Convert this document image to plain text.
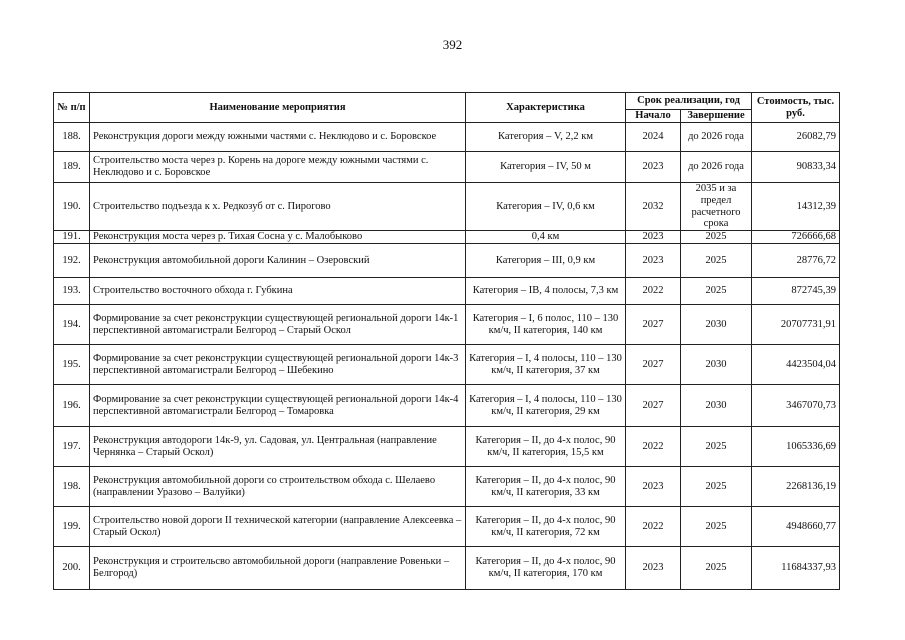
392
№ п/п	Наименование мероприятия	Характеристика	Срок реализации, год		Стоимость, тыс. руб.
			Начало	Завершение	
188.	Реконструкция дороги между южными частями с. Неклюдово и с. Боровское	Категория – V, 2,2 км	2024	до 2026 года	26082,79
189.	Строительство моста через р. Корень на дороге между южными частями с. Неклюдово и с. Боровское	Категория – IV, 50 м	2023	до 2026 года	90833,34
190.	Строительство подъезда к х. Редкозуб от с. Пирогово	Категория – IV, 0,6 км	2032	2035 и за предел расчетного срока	14312,39
191.	Реконструкция моста через р. Тихая Сосна у с. Малобыково	0,4 км	2023	2025	726666,68
192.	Реконструкция автомобильной дороги Калинин – Озеровский	Категория – III, 0,9 км	2023	2025	28776,72
193.	Строительство восточного обхода г. Губкина	Категория – IB, 4 полосы, 7,3 км	2022	2025	872745,39
194.	Формирование за счет реконструкции существующей региональной дороги 14к-1 перспективной автомагистрали Белгород – Старый Оскол	Категория – I, 6 полос, 110 – 130 км/ч, II категория, 140 км	2027	2030	20707731,91
195.	Формирование за счет реконструкции существующей региональной дороги 14к-3 перспективной автомагистрали Белгород – Шебекино	Категория – I, 4 полосы, 110 – 130 км/ч, II категория, 37 км	2027	2030	4423504,04
196.	Формирование за счет реконструкции существующей региональной дороги 14к-4 перспективной автомагистрали Белгород – Томаровка	Категория – I, 4 полосы, 110 – 130 км/ч, II категория, 29 км	2027	2030	3467070,73
197.	Реконструкция автодороги 14к-9, ул. Садовая, ул. Центральная (направление Чернянка – Старый Оскол)	Категория – II, до 4-х полос, 90 км/ч, II категория, 15,5 км	2022	2025	1065336,69
198.	Реконструкция автомобильной дороги со строительством обхода с. Шелаево (направлении Уразово – Валуйки)	Категория – II, до 4-х полос, 90 км/ч, II категория, 33 км	2023	2025	2268136,19
199.	Строительство новой дороги II технической категории (направление Алексеевка – Старый Оскол)	Категория – II, до 4-х полос, 90 км/ч, II категория, 72 км	2022	2025	4948660,77
200.	Реконструкция и строительсво автомобильной дороги (направление Ровеньки – Белгород)	Категория – II, до 4-х полос, 90 км/ч, II категория, 170 км	2023	2025	11684337,93
